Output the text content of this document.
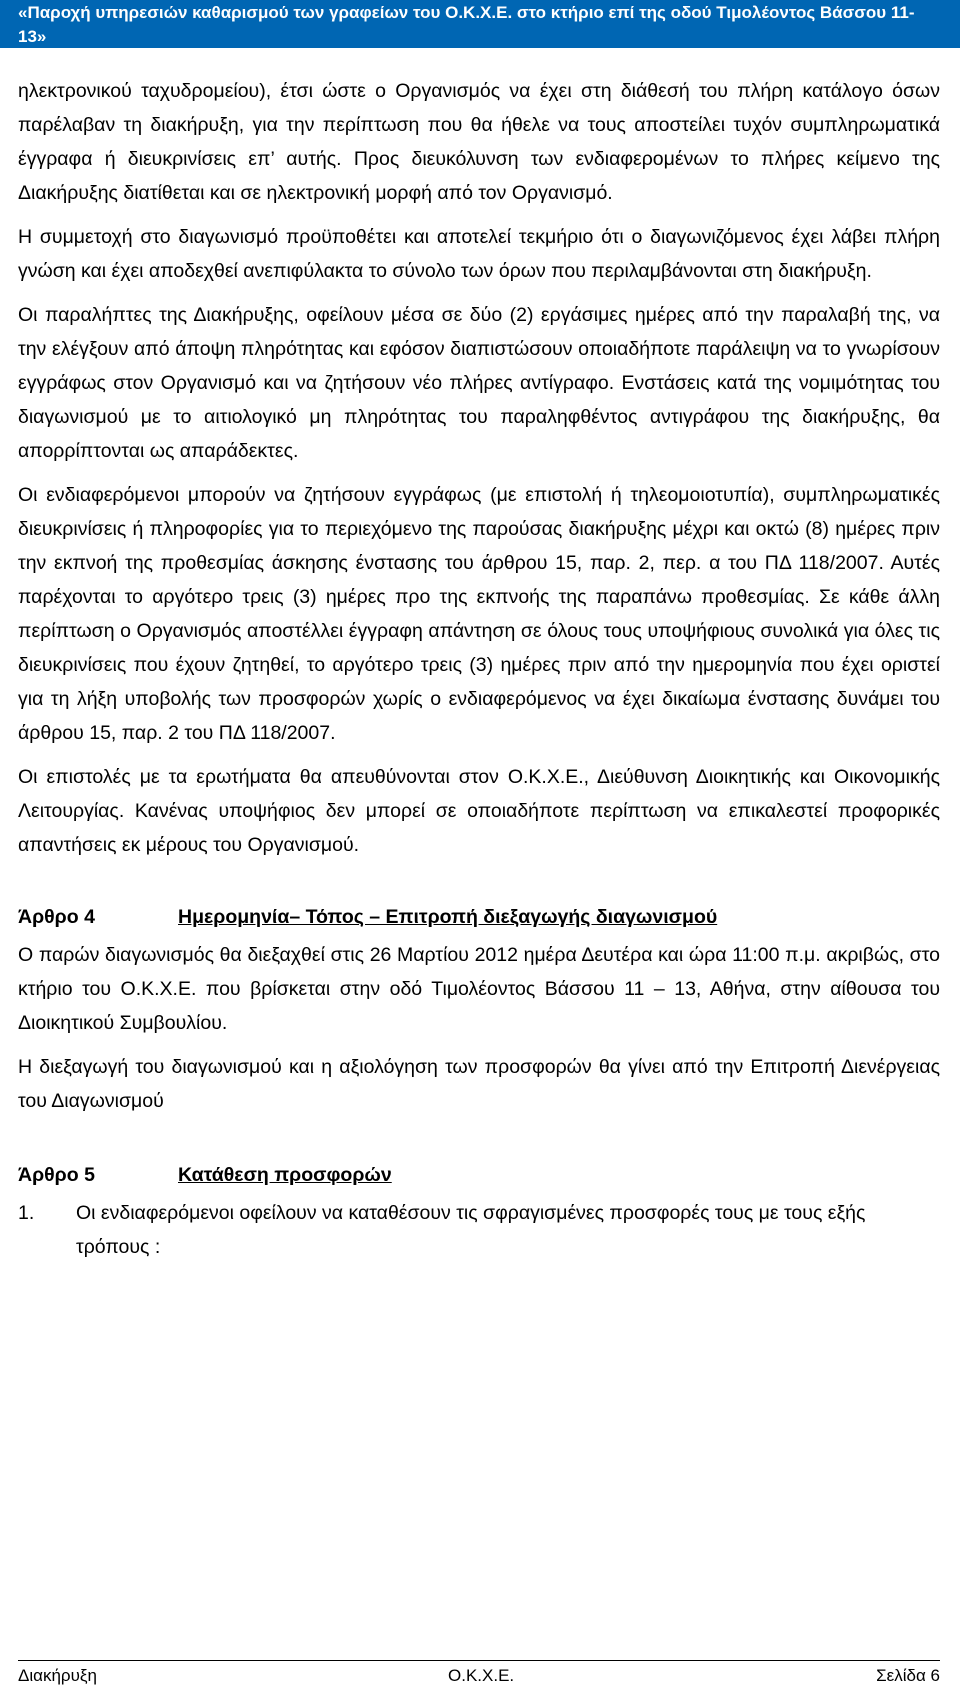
«Παροχή υπηρεσιών καθαρισμού των γραφείων του Ο.Κ.Χ.Ε. στο κτήριο επί της οδού Τιμολέοντος Βάσσου 11-13»

ηλεκτρονικού ταχυδρομείου), έτσι ώστε ο Οργανισμός να έχει στη διάθεσή του πλήρη κατάλογο όσων παρέλαβαν τη διακήρυξη, για την περίπτωση που θα ήθελε να τους αποστείλει τυχόν συμπληρωματικά έγγραφα ή διευκρινίσεις επ’ αυτής. Προς διευκόλυνση των ενδιαφερομένων το πλήρες κείμενο της Διακήρυξης διατίθεται και σε ηλεκτρονική μορφή από τον Οργανισμό.

Η συμμετοχή στο διαγωνισμό προϋποθέτει και αποτελεί τεκμήριο ότι ο διαγωνιζόμενος έχει λάβει πλήρη γνώση και έχει αποδεχθεί ανεπιφύλακτα το σύνολο των όρων που περιλαμβάνονται στη διακήρυξη.

Οι παραλήπτες της Διακήρυξης, οφείλουν μέσα σε δύο (2) εργάσιμες ημέρες από την παραλαβή της, να την ελέγξουν από άποψη πληρότητας και εφόσον διαπιστώσουν οποιαδήποτε παράλειψη να το γνωρίσουν εγγράφως στον Οργανισμό και να ζητήσουν νέο πλήρες αντίγραφο. Ενστάσεις κατά της νομιμότητας του διαγωνισμού με το αιτιολογικό μη πληρότητας του παραληφθέντος αντιγράφου της διακήρυξης, θα απορρίπτονται ως απαράδεκτες.

Οι ενδιαφερόμενοι μπορούν να ζητήσουν εγγράφως (με επιστολή ή τηλεομοιοτυπία), συμπληρωματικές διευκρινίσεις ή πληροφορίες για το περιεχόμενο της παρούσας διακήρυξης μέχρι και οκτώ (8) ημέρες πριν την εκπνοή της προθεσμίας άσκησης ένστασης του άρθρου 15, παρ. 2, περ. α του ΠΔ 118/2007. Αυτές παρέχονται το αργότερο τρεις (3) ημέρες προ της εκπνοής της παραπάνω προθεσμίας. Σε κάθε άλλη περίπτωση ο Οργανισμός αποστέλλει έγγραφη απάντηση σε όλους τους υποψήφιους συνολικά για όλες τις διευκρινίσεις που έχουν ζητηθεί, το αργότερο τρεις (3) ημέρες πριν από την ημερομηνία που έχει οριστεί για τη λήξη υποβολής των προσφορών χωρίς ο ενδιαφερόμενος να έχει δικαίωμα ένστασης δυνάμει του άρθρου 15, παρ. 2 του ΠΔ 118/2007.

Οι επιστολές με τα ερωτήματα θα απευθύνονται στον Ο.Κ.Χ.Ε., Διεύθυνση Διοικητικής και Οικονομικής Λειτουργίας. Κανένας υποψήφιος δεν μπορεί σε οποιαδήποτε περίπτωση να επικαλεστεί προφορικές απαντήσεις εκ μέρους του Οργανισμού.

Άρθρο 4	Ημερομηνία– Τόπος – Επιτροπή διεξαγωγής διαγωνισμού

Ο παρών διαγωνισμός θα διεξαχθεί στις 26 Μαρτίου 2012 ημέρα Δευτέρα και ώρα 11:00 π.μ. ακριβώς, στο κτήριο του Ο.Κ.Χ.Ε. που βρίσκεται στην οδό Τιμολέοντος Βάσσου 11 – 13, Αθήνα, στην αίθουσα του Διοικητικού Συμβουλίου.

Η διεξαγωγή του διαγωνισμού και η αξιολόγηση των προσφορών θα γίνει από την Επιτροπή Διενέργειας του Διαγωνισμού

Άρθρο 5	Κατάθεση προσφορών
1.	Οι ενδιαφερόμενοι οφείλουν να καταθέσουν τις σφραγισμένες προσφορές τους με τους εξής τρόπους :
Διακήρυξη	Ο.Κ.Χ.Ε.	Σελίδα 6
